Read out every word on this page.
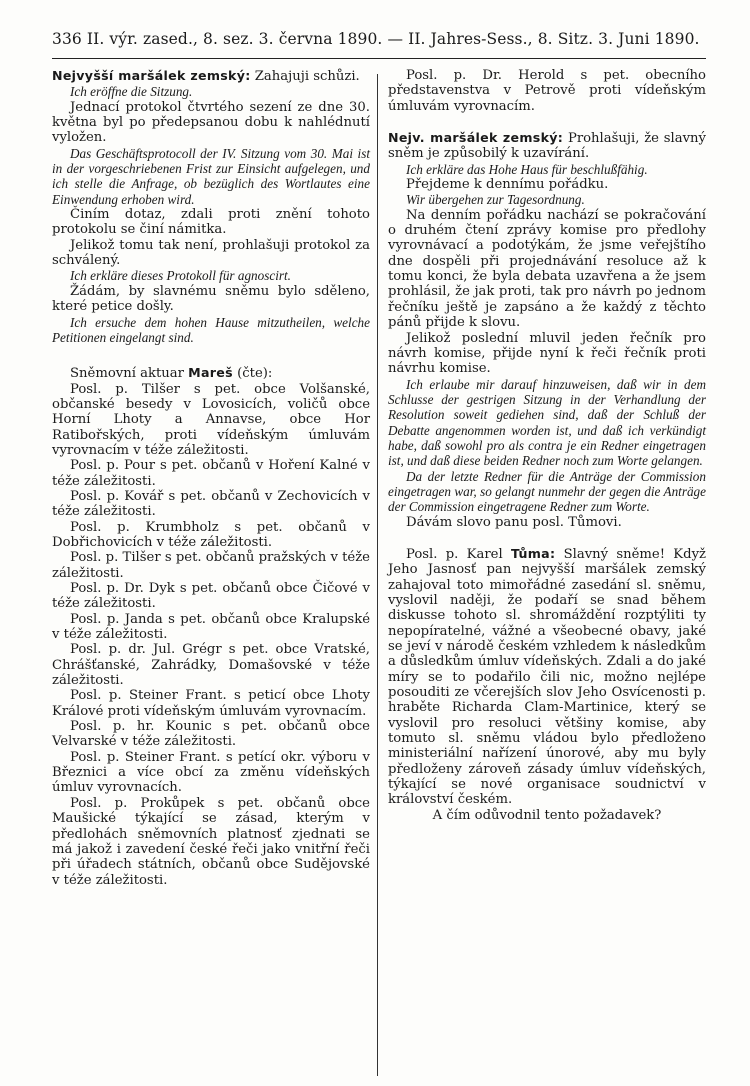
336 II. výr. zased., 8. sez. 3. června 1890. — II. Jahres-Sess., 8. Sitz. 3. Juni 1890.

Nejvyšší maršálek zemský: Zahajuji schůzi.

Ich eröffne die Sitzung.

Jednací protokol čtvrtého sezení ze dne 30. května byl po předepsanou dobu k nahlédnutí vyložen.

Das Geschäftsprotocoll der IV. Sitzung vom 30. Mai ist in der vorgeschriebenen Frist zur Einsicht aufgelegen, und ich stelle die Anfrage, ob bezüglich des Wortlautes eine Einwendung erhoben wird.

Činím dotaz, zdali proti znění tohoto protokolu se činí námitka.

Jelikož tomu tak není, prohlašuji protokol za schválený.

Ich erkläre dieses Protokoll für agnoscirt.

Žádám, by slavnému sněmu bylo sděleno, které petice došly.

Ich ersuche dem hohen Hause mitzutheilen, welche Petitionen eingelangt sind.

Sněmovní aktuar Mareš (čte):

Posl. p. Tilšer s pet. obce Volšanské, občanské besedy v Lovosicích, voličů obce Horní Lhoty a Annavse, obce Hor Ratibořských, proti vídeňským úmluvám vyrovnacím v téže záležitosti.

Posl. p. Pour s pet. občanů v Hoření Kalné v téže záležitosti.

Posl. p. Kovář s pet. občanů v Zechovicích v téže záležitosti.

Posl. p. Krumbholz s pet. občanů v Dobřichovicích v téže záležitosti.

Posl. p. Tilšer s pet. občanů pražských v téže záležitosti.

Posl. p. Dr. Dyk s pet. občanů obce Čičové v téže záležitosti.

Posl. p. Janda s pet. občanů obce Kralupské v téže záležitosti.

Posl. p. dr. Jul. Grégr s pet. obce Vratské, Chrášťanské, Zahrádky, Domašovské v téže záležitosti.

Posl. p. Steiner Frant. s peticí obce Lhoty Králové proti vídeňským úmluvám vyrovnacím.

Posl. p. hr. Kounic s pet. občanů obce Velvarské v téže záležitosti.

Posl. p. Steiner Frant. s petící okr. výboru v Březnici a více obcí za změnu vídeňských úmluv vyrovnacích.

Posl. p. Prokůpek s pet. občanů obce Maušické týkající se zásad, kterým v předlohách sněmovních platnosť zjednati se má jakož i zavedení české řeči jako vnitřní řeči při úřadech státních, občanů obce Sudějovské v téže záležitosti.

Posl. p. Dr. Herold s pet. obecního představenstva v Petrově proti vídeňským úmluvám vyrovnacím.

Nejv. maršálek zemský: Prohlašuji, že slavný sněm je způsobilý k uzavírání.

Ich erkläre das Hohe Haus für beschlußfähig.

Přejdeme k dennímu pořádku.

Wir übergehen zur Tagesordnung.

Na denním pořádku nachází se pokračování o druhém čtení zprávy komise pro předlohy vyrovnávací a podotýkám, že jsme veřejštího dne dospěli při projednávání resoluce až k tomu konci, že byla debata uzavřena a že jsem prohlásil, že jak proti, tak pro návrh po jednom řečníku ještě je zapsáno a že každý z těchto pánů přijde k slovu.

Jelikož poslední mluvil jeden řečník pro návrh komise, přijde nyní k řeči řečník proti návrhu komise.

Ich erlaube mir darauf hinzuweisen, daß wir in dem Schlusse der gestrigen Sitzung in der Verhandlung der Resolution soweit gediehen sind, daß der Schluß der Debatte angenommen worden ist, und daß ich verkündigt habe, daß sowohl pro als contra je ein Redner eingetragen ist, und daß diese beiden Redner noch zum Worte gelangen.

Da der letzte Redner für die Anträge der Commission eingetragen war, so gelangt nunmehr der gegen die Anträge der Commission eingetragene Redner zum Worte.

Dávám slovo panu posl. Tůmovi.

Posl. p. Karel Tůma: Slavný sněme! Když Jeho Jasnosť pan nejvyšší maršálek zemský zahajoval toto mimořádné zasedání sl. sněmu, vyslovil naději, že podaří se snad během diskusse tohoto sl. shromáždění rozptýliti ty nepopíratelné, vážné a všeobecné obavy, jaké se jeví v národě českém vzhledem k následkům a důsledkům úmluv vídeňských. Zdali a do jaké míry se to podařilo čili nic, možno nejlépe posouditi ze včerejších slov Jeho Osvícenosti p. hraběte Richarda Clam-Martinice, který se vyslovil pro resoluci většiny komise, aby tomuto sl. sněmu vládou bylo předloženo ministeriální nařízení únorové, aby mu byly předloženy zároveň zásady úmluv vídeňských, týkající se nové organisace soudnictví v království českém.

A čím odůvodnil tento požadavek?
